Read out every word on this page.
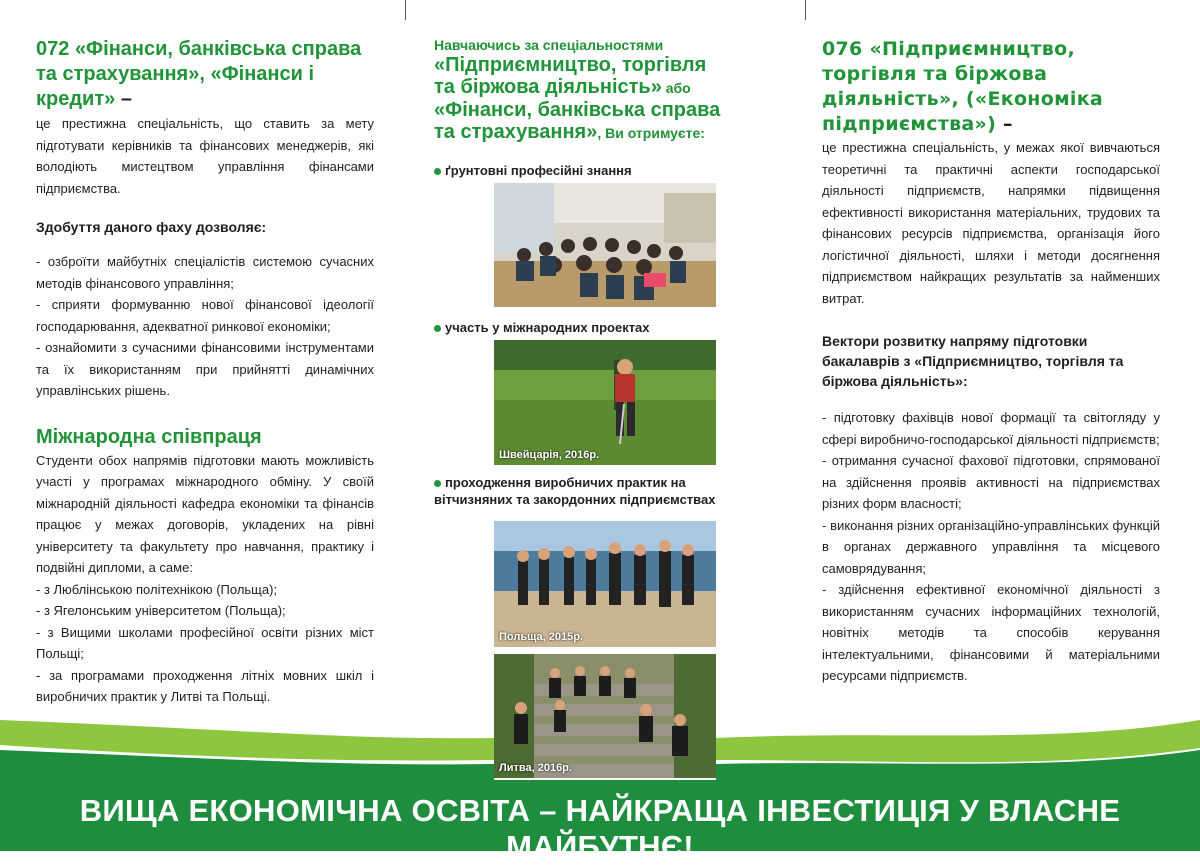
072 «Фінанси, банківська справа та страхування», «Фінанси і кредит» –
це престижна спеціальність, що ставить за мету підготувати керівників та фінансових менеджерів, які володіють мистецтвом управління фінансами підприємства.
Здобуття даного фаху дозволяє:

- озброїти майбутніх спеціалістів системою сучасних методів фінансового управління;

- сприяти формуванню нової фінансової ідеології господарювання, адекватної ринкової економіки;

- ознайомити з сучасними фінансовими інструментами та їх використанням при прийнятті динамічних управлінських рішень.

Міжнародна співпраця

Студенти обох напрямів підготовки мають можливість участі у програмах міжнародного обміну. У своїй міжнародній діяльності кафедра економіки та фінансів працює у межах договорів, укладених на рівні університету та факультету про навчання, практику і подвійні дипломи, а саме:

- з Люблінською політехнікою (Польща);

- з Ягелонським університетом (Польща);

- з Вищими школами професійної освіти різних міст Польщі;

- за програмами проходження літніх мовних шкіл і виробничих практик у Литві та Польщі.

Навчаючись за спеціальностями
«Підприємництво, торгівля та біржова діяльність» або «Фінанси, банківська справа та страхування», Ви отримуєте:
ґрунтовні професійні знання
участь у міжнародних проектах
Швейцарія, 2016р.
проходження виробничих практик на вітчизняних та закордонних підприємствах
Польща, 2015р.
Литва, 2016р.
076 «Підприємництво, торгівля та біржова діяльність», («Економіка підприємства») –
це престижна спеціальність, у межах якої вивчаються теоретичні та практичні аспекти господарської діяльності підприємств, напрямки підвищення ефективності використання матеріальних, трудових та фінансових ресурсів підприємства, організація його логістичної діяльності, шляхи і методи досягнення підприємством найкращих результатів за найменших витрат.
Вектори розвитку напряму підготовки бакалаврів з «Підприємництво, торгівля та біржова діяльність»:

- підготовку фахівців нової формації та світогляду у сфері виробничо-господарської діяльності підприємств;

- отримання сучасної фахової підготовки, спрямованої на здійснення проявів активності на підприємствах різних форм власності;

- виконання різних організаційно-управлінських функцій в органах державного управління та місцевого самоврядування;

- здійснення ефективної економічної діяльності з використанням сучасних інформаційних технологій, новітніх методів та способів керування інтелектуальними, фінансовими й матеріальними ресурсами підприємств.

ВИЩА ЕКОНОМІЧНА ОСВІТА – НАЙКРАЩА ІНВЕСТИЦІЯ У ВЛАСНЕ МАЙБУТНЄ!
